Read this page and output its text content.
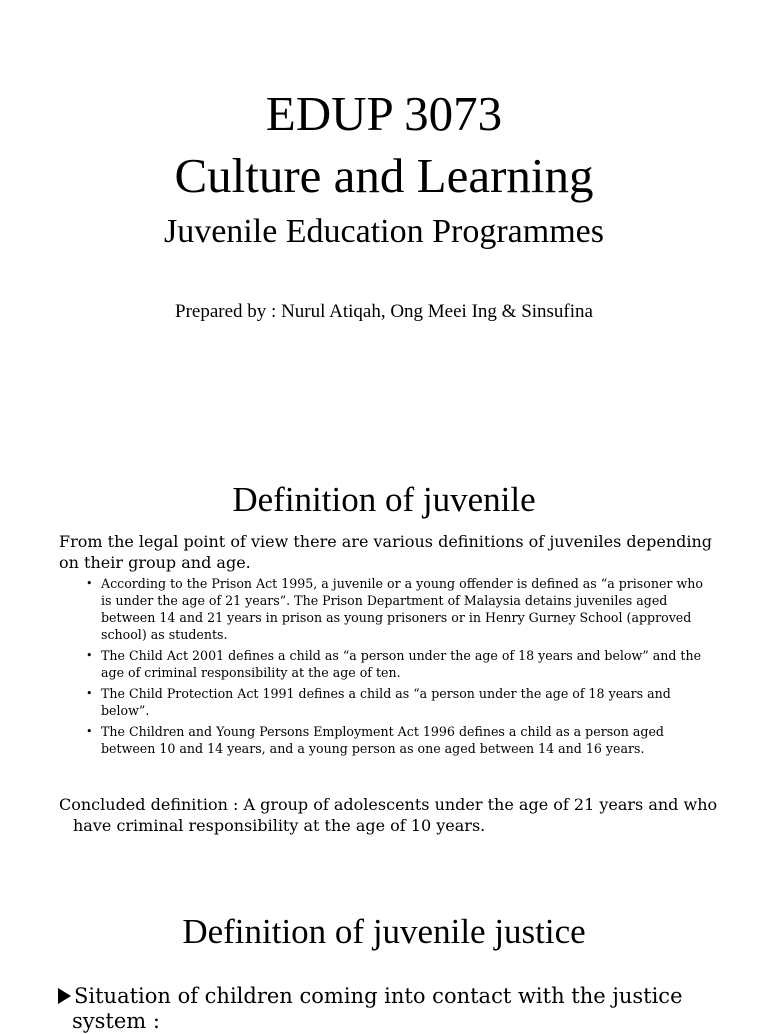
EDUP 3073
Culture and Learning
Juvenile Education Programmes
Prepared by : Nurul Atiqah, Ong Meei Ing & Sinsufina
Definition of juvenile
From the legal point of view there are various definitions of juveniles depending on their group and age.
• According to the Prison Act 1995, a juvenile or a young offender is defined as “a prisoner who is under the age of 21 years”. The Prison Department of Malaysia detains juveniles aged between 14 and 21 years in prison as young prisoners or in Henry Gurney School (approved school) as students.
• The Child Act 2001 defines a child as “a person under the age of 18 years and below” and the age of criminal responsibility at the age of ten.
• The Child Protection Act 1991 defines a child as “a person under the age of 18 years and below”.
• The Children and Young Persons Employment Act 1996 defines a child as a person aged between 10 and 14 years, and a young person as one aged between 14 and 16 years.
Concluded definition : A group of adolescents under the age of 21 years and who have criminal responsibility at the age of 10 years.
Definition of juvenile justice
Situation of children coming into contact with the justice system :
